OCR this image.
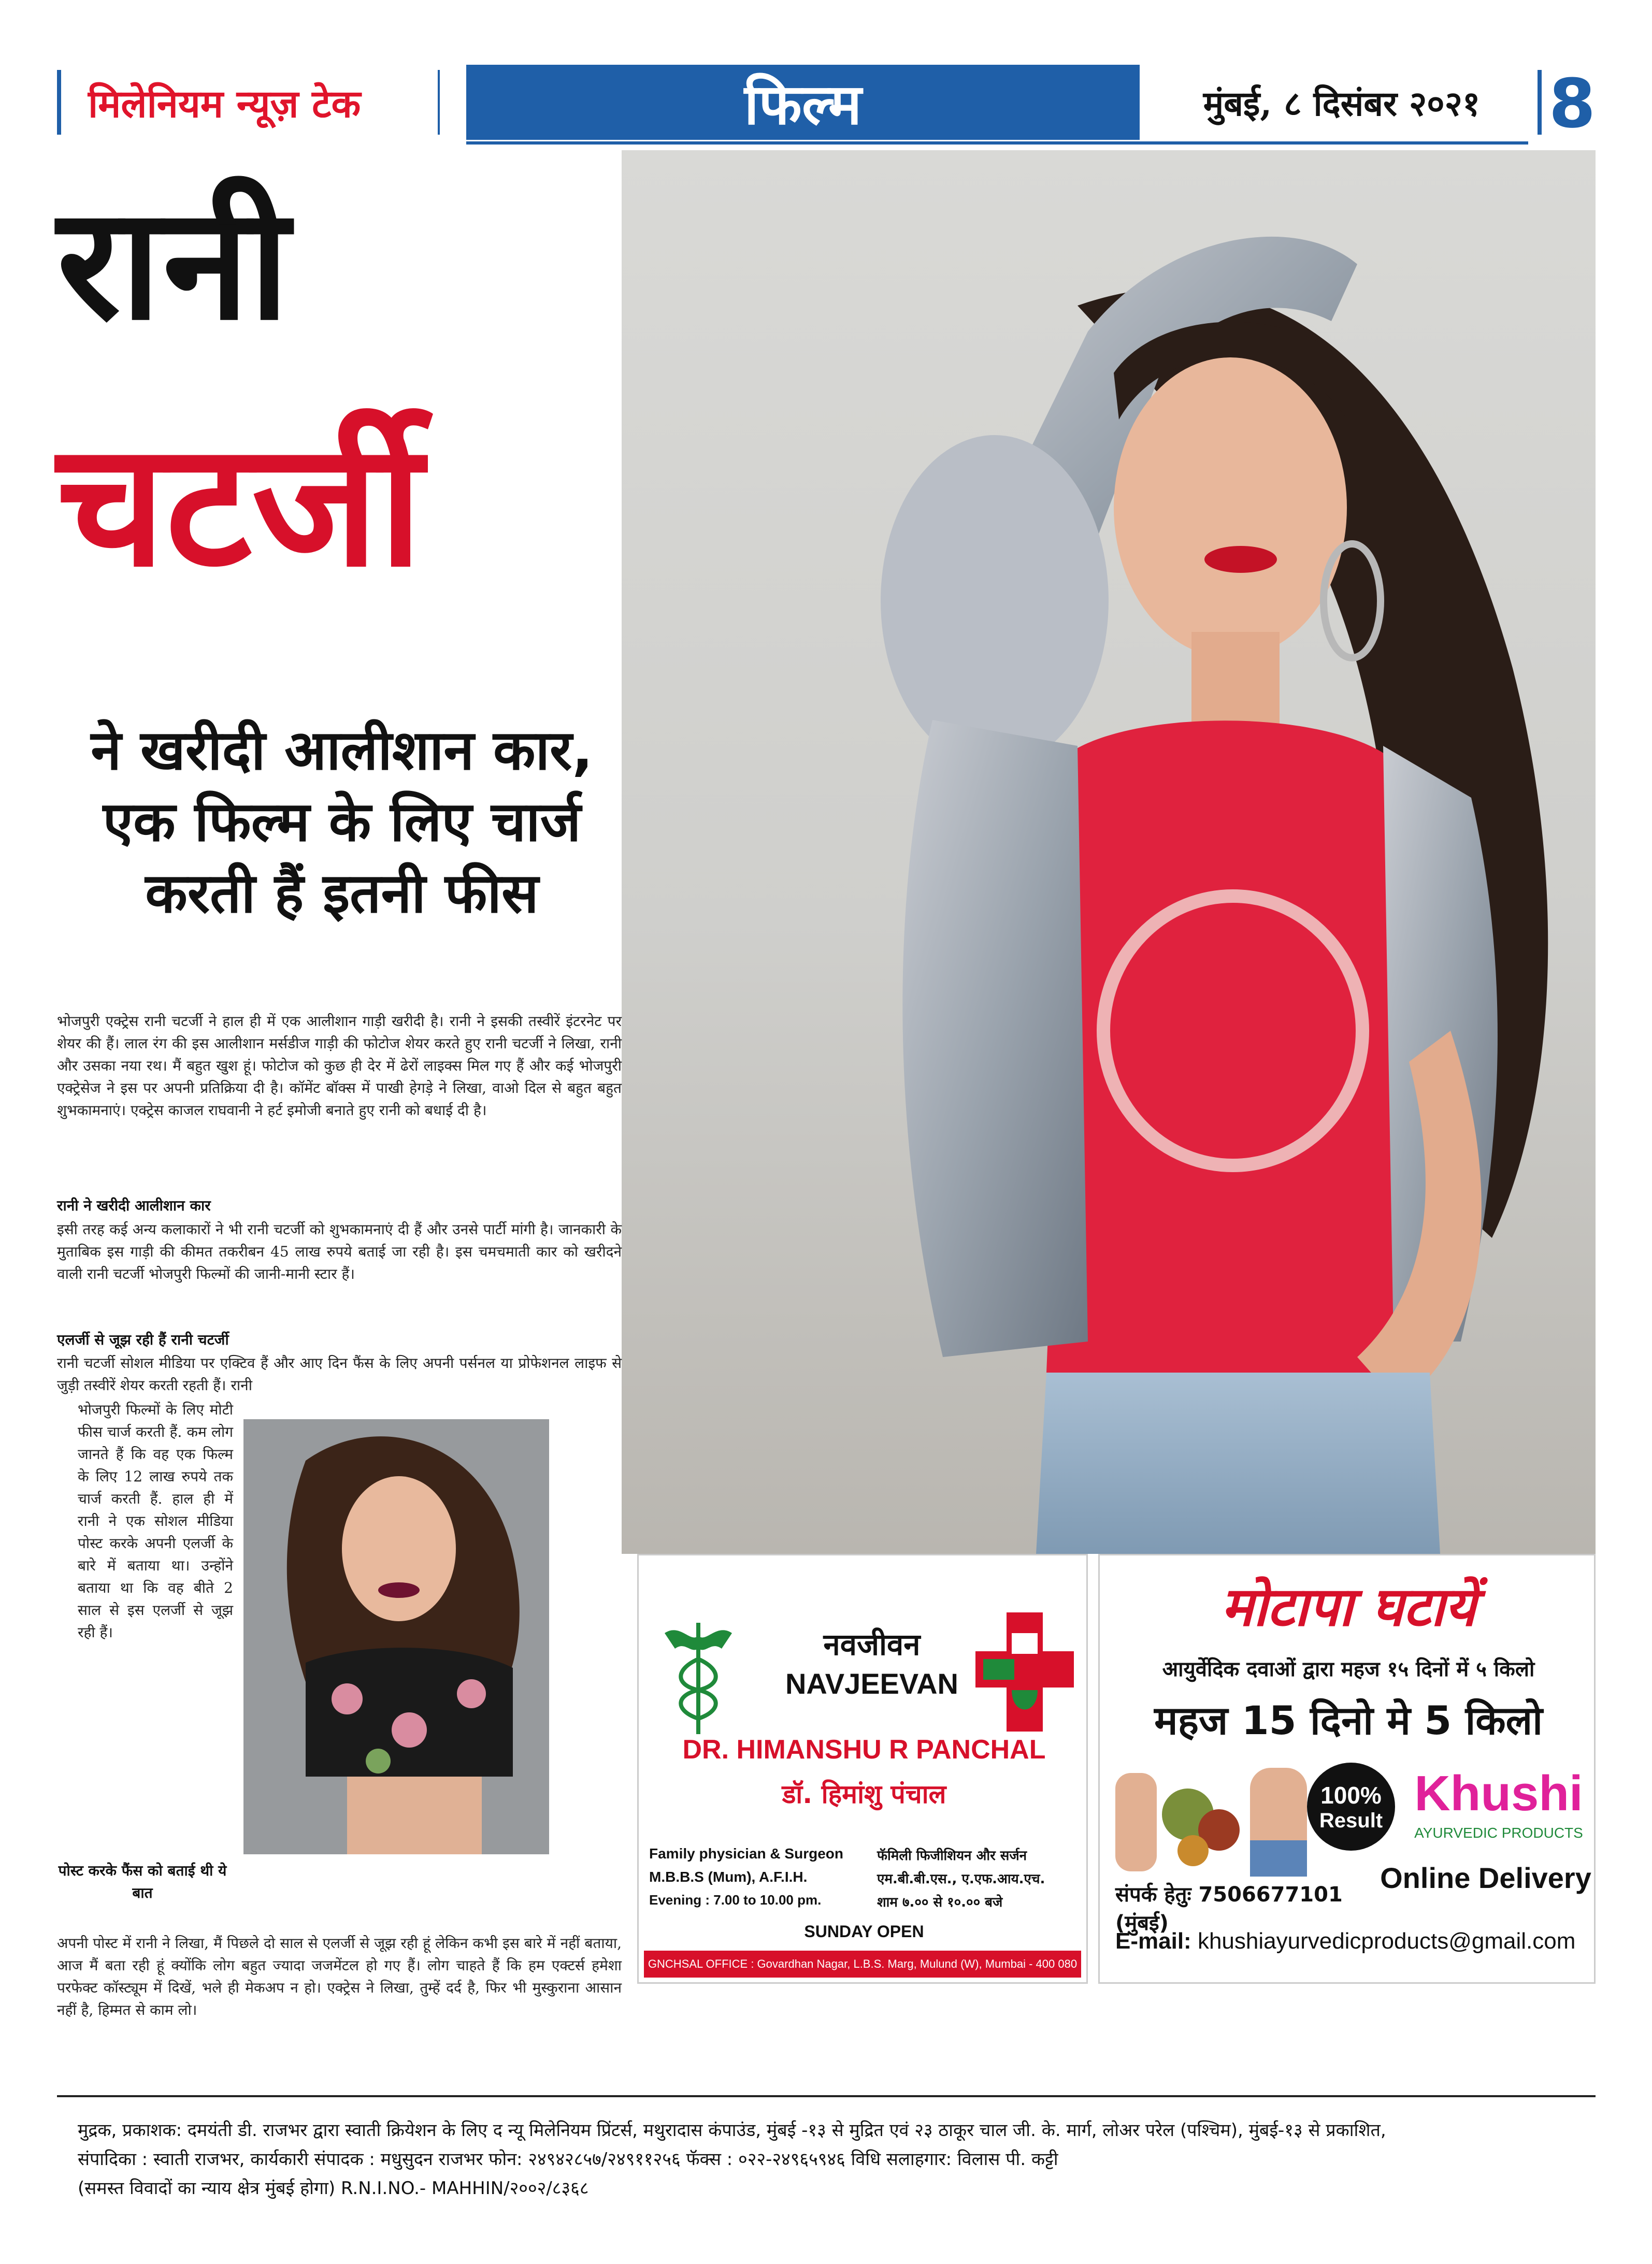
मिलेनियम न्यूज़ टेक	फिल्म	मुंबई, ८ दिसंबर २०२१	8
रानी
चटर्जी
ने खरीदी आलीशान कार, एक फिल्म के लिए चार्ज करती हैं इतनी फीस
भोजपुरी एक्ट्रेस रानी चटर्जी ने हाल ही में एक आलीशान गाड़ी खरीदी है। रानी ने इसकी तस्वीरें इंटरनेट पर शेयर की हैं। लाल रंग की इस आलीशान मर्सडीज गाड़ी की फोटोज शेयर करते हुए रानी चटर्जी ने लिखा, रानी और उसका नया रथ। मैं बहुत खुश हूं। फोटोज को कुछ ही देर में ढेरों लाइक्स मिल गए हैं और कई भोजपुरी एक्ट्रेसेज ने इस पर अपनी प्रतिक्रिया दी है। कॉमेंट बॉक्स में पाखी हेगड़े ने लिखा, वाओ दिल से बहुत बहुत शुभकामनाएं। एक्ट्रेस काजल राघवानी ने हर्ट इमोजी बनाते हुए रानी को बधाई दी है।
रानी ने खरीदी आलीशान कार
इसी तरह कई अन्य कलाकारों ने भी रानी चटर्जी को शुभकामनाएं दी हैं और उनसे पार्टी मांगी है। जानकारी के मुताबिक इस गाड़ी की कीमत तकरीबन 45 लाख रुपये बताई जा रही है। इस चमचमाती कार को खरीदने वाली रानी चटर्जी भोजपुरी फिल्मों की जानी-मानी स्टार हैं।
एलर्जी से जूझ रही हैं रानी चटर्जी
रानी चटर्जी सोशल मीडिया पर एक्टिव हैं और आए दिन फैंस के लिए अपनी पर्सनल या प्रोफेशनल लाइफ से जुड़ी तस्वीरें शेयर करती रहती हैं। रानी
भोजपुरी फिल्मों के लिए मोटी फीस चार्ज करती हैं. कम लोग जानते हैं कि वह एक फिल्म के लिए 12 लाख रुपये तक चार्ज करती हैं. हाल ही में रानी ने एक सोशल मीडिया पोस्ट करके अपनी एलर्जी के बारे में बताया था। उन्होंने बताया था कि वह बीते 2 साल से इस एलर्जी से जूझ रही हैं।
पोस्ट करके फैंस को बताई थी ये बात
अपनी पोस्ट में रानी ने लिखा, मैं पिछले दो साल से एलर्जी से जूझ रही हूं लेकिन कभी इस बारे में नहीं बताया, आज मैं बता रही हूं क्योंकि लोग बहुत ज्यादा जजमेंटल हो गए हैं। लोग चाहते हैं कि हम एक्टर्स हमेशा परफेक्ट कॉस्ट्यूम में दिखें, भले ही मेकअप न हो। एक्ट्रेस ने लिखा, तुम्हें दर्द है, फिर भी मुस्कुराना आसान नहीं है, हिम्मत से काम लो।
नवजीवन
NAVJEEVAN
DR. HIMANSHU R PANCHAL
डॉ. हिमांशु पंचाल
Family physician & Surgeon
M.B.B.S (Mum), A.F.I.H.
Evening : 7.00 to 10.00 pm.
फॅमिली फिजीशियन और सर्जन
एम.बी.बी.एस., ए.एफ.आय.एच.
शाम ७.०० से १०.०० बजे
SUNDAY OPEN
GNCHSAL OFFICE : Govardhan Nagar, L.B.S. Marg, Mulund (W), Mumbai - 400 080
मोटापा घटायें
आयुर्वेदिक दवाओं द्वारा महज १५ दिनों में ५ किलो
महज 15 दिनो मे 5 किलो
100%
Result Khushi
AYURVEDIC PRODUCTS
Online Delivery
संपर्क हेतुः 7506677101 (मुंबई)
E-mail: khushiayurvedicproducts@gmail.com
मुद्रक, प्रकाशक: दमयंती डी. राजभर द्वारा स्वाती क्रियेशन के लिए द न्यू मिलेनियम प्रिंटर्स, मथुरादास कंपाउंड, मुंबई -१३ से मुद्रित एवं २३ ठाकूर चाल जी. के. मार्ग, लोअर परेल (पश्चिम), मुंबई-१३ से प्रकाशित,
संपादिका : स्वाती राजभर, कार्यकारी संपादक : मधुसुदन राजभर फोन: २४९४२८५७/२४९११२५६ फॅक्स : ०२२-२४९६५९४६ विधि सलाहगार: विलास पी. कट्टी
(समस्त विवादों का न्याय क्षेत्र मुंबई होगा) R.N.I.NO.- MAHHIN/२००२/८३६८
